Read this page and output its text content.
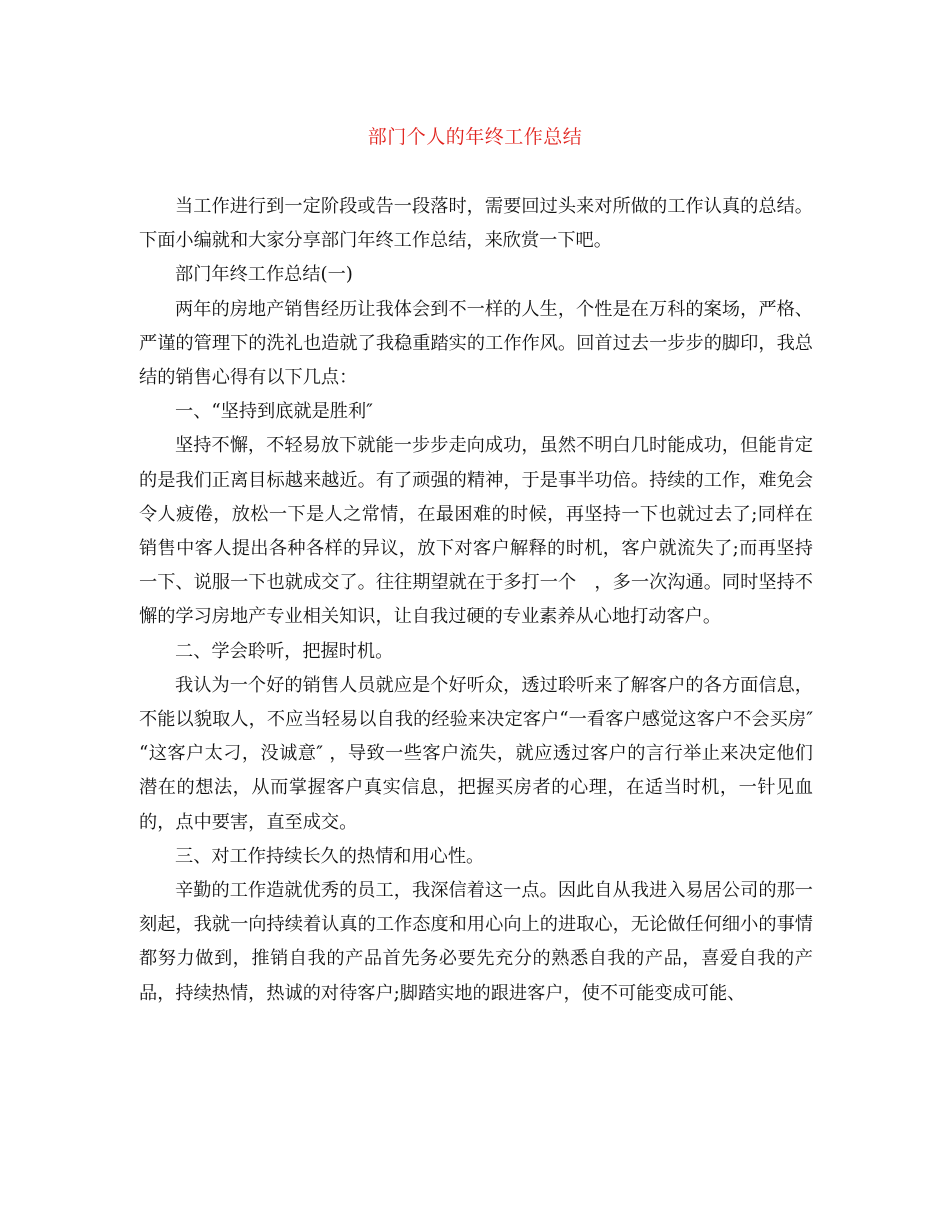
部门个人的年终工作总结

当工作进行到一定阶段或告一段落时，需要回过头来对所做的工作认真的总结。下面小编就和大家分享部门年终工作总结，来欣赏一下吧。

部门年终工作总结(一)

两年的房地产销售经历让我体会到不一样的人生，个性是在万科的案场，严格、严谨的管理下的洗礼也造就了我稳重踏实的工作作风。回首过去一步步的脚印，我总结的销售心得有以下几点：

一、“坚持到底就是胜利″

坚持不懈，不轻易放下就能一步步走向成功，虽然不明白几时能成功，但能肯定的是我们正离目标越来越近。有了顽强的精神，于是事半功倍。持续的工作，难免会令人疲倦，放松一下是人之常情，在最困难的时候，再坚持一下也就过去了;同样在销售中客人提出各种各样的异议，放下对客户解释的时机，客户就流失了;而再坚持一下、说服一下也就成交了。往往期望就在于多打一个　，多一次沟通。同时坚持不懈的学习房地产专业相关知识，让自我过硬的专业素养从心地打动客户。

二、学会聆听，把握时机。

我认为一个好的销售人员就应是个好听众，透过聆听来了解客户的各方面信息，不能以貌取人，不应当轻易以自我的经验来决定客户“一看客户感觉这客户不会买房″ “这客户太刁，没诚意″ ，导致一些客户流失，就应透过客户的言行举止来决定他们潜在的想法，从而掌握客户真实信息，把握买房者的心理，在适当时机，一针见血的，点中要害，直至成交。

三、对工作持续长久的热情和用心性。

辛勤的工作造就优秀的员工，我深信着这一点。因此自从我进入易居公司的那一刻起，我就一向持续着认真的工作态度和用心向上的进取心，无论做任何细小的事情都努力做到，推销自我的产品首先务必要先充分的熟悉自我的产品，喜爱自我的产品，持续热情，热诚的对待客户;脚踏实地的跟进客户，使不可能变成可能、
